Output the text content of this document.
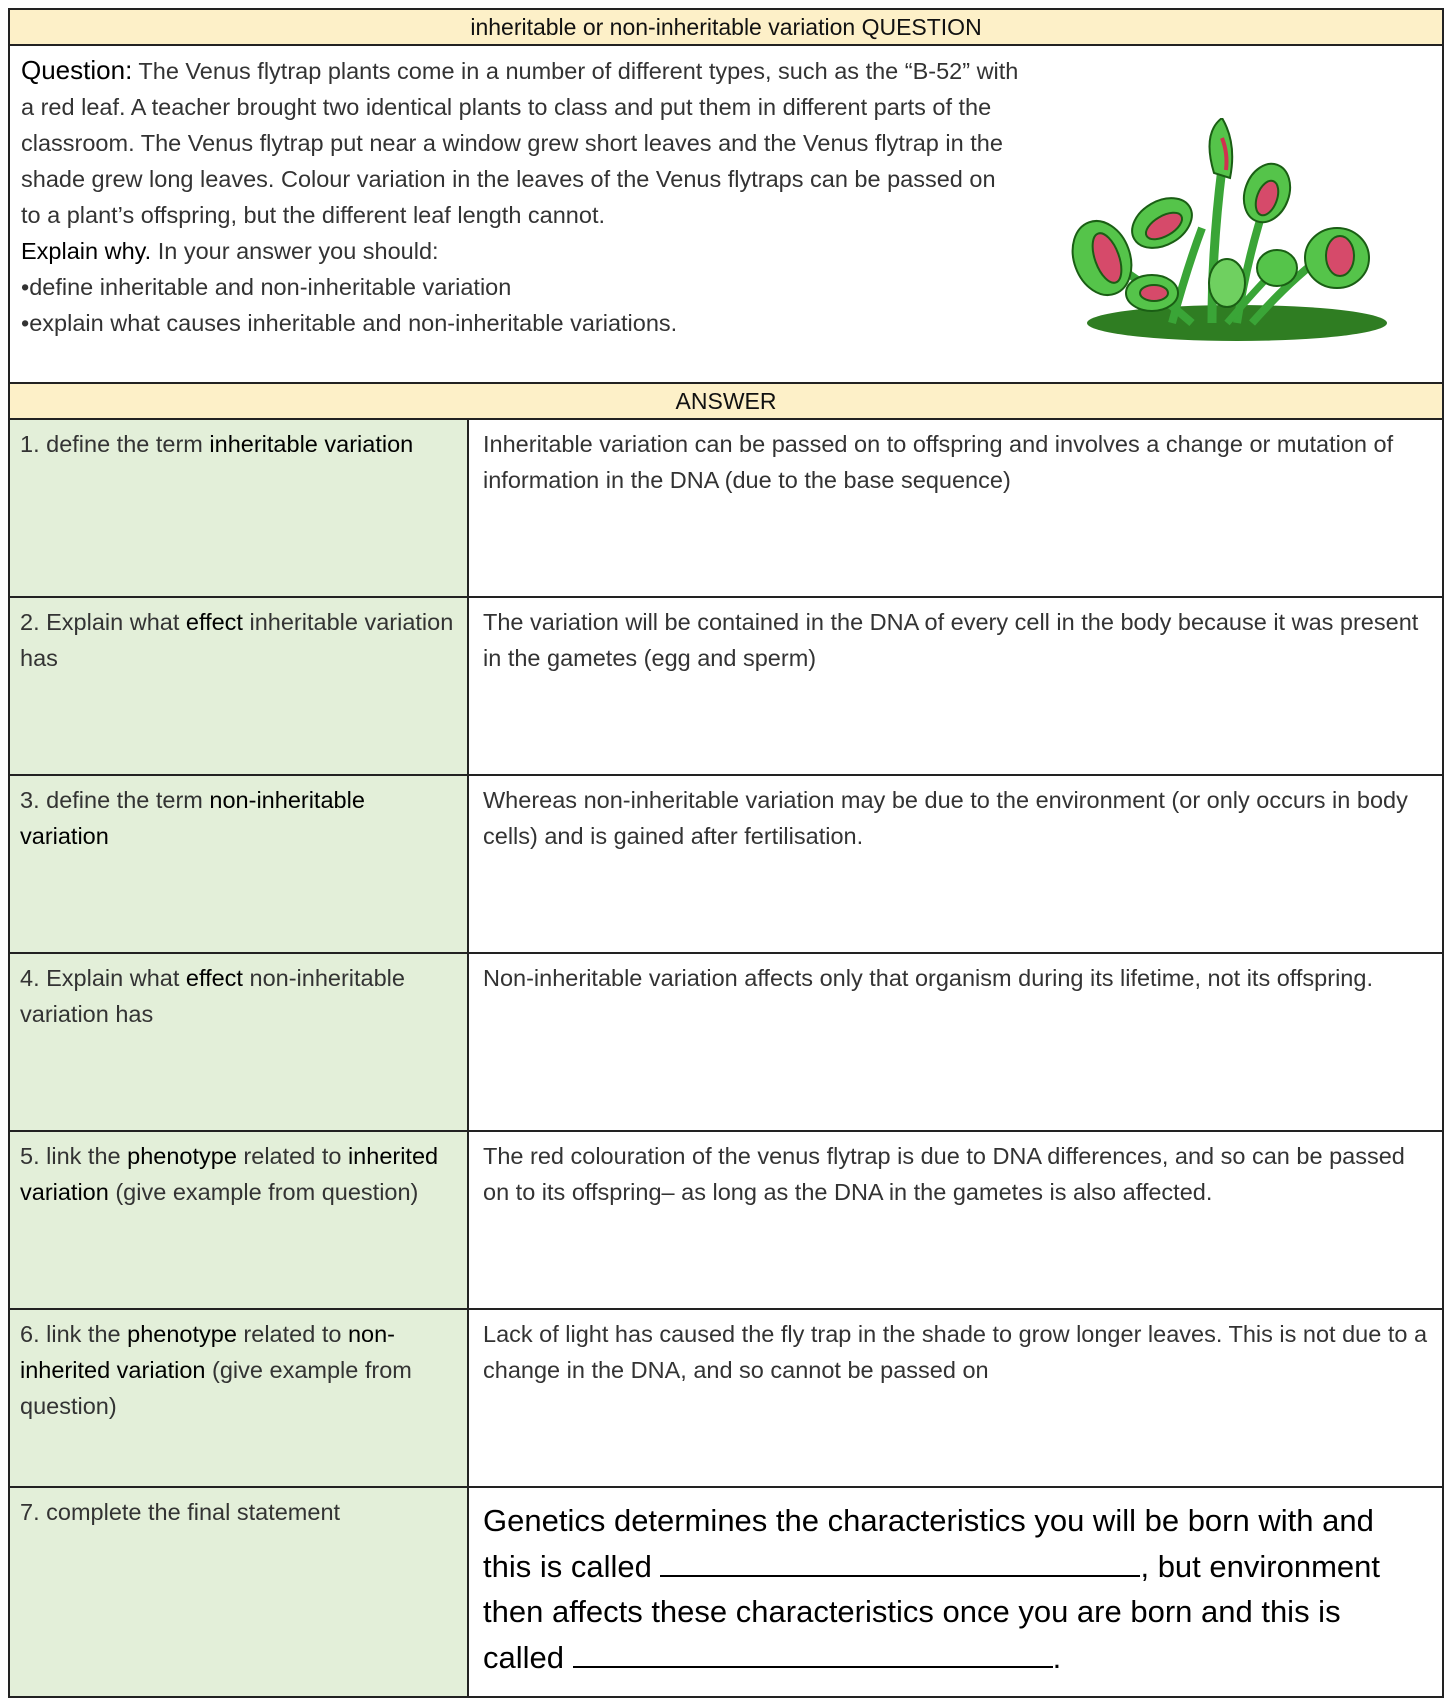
inheritable or non-inheritable variation QUESTION	

Question: The Venus flytrap plants come in a number of different types, such as the “B-52” with a red leaf. A teacher brought two identical plants to class and put them in different parts of the classroom. The Venus flytrap put near a window grew short leaves and the Venus flytrap in the shade grew long leaves. Colour variation in the leaves of the Venus flytraps can be passed on to a plant’s offspring, but the different leaf length cannot.
Explain why. In your answer you should:
•define inheritable and non-inheritable variation
•explain what causes inheritable and non-inheritable variations.	

ANSWER	
1. define the term inheritable variation	Inheritable variation can be passed on to offspring and involves a change or mutation of information in the DNA (due to the base sequence)
2. Explain what effect inheritable variation has	The variation will be contained in the DNA of every cell in the body because it was present in the gametes (egg and sperm)
3. define the term non-inheritable variation	Whereas non-inheritable variation may be due to the environment (or only occurs in body cells) and is gained after fertilisation.
4. Explain what effect non-inheritable variation has	Non-inheritable variation affects only that organism during its lifetime, not its offspring.
5. link the phenotype related to inherited variation (give example from question)	The red colouration of the venus flytrap is due to DNA differences, and so can be passed on to its offspring– as long as the DNA in the gametes is also affected.
6. link the phenotype related to non-inherited variation (give example from question)	Lack of light has caused the fly trap in the shade to grow longer leaves. This is not due to a change in the DNA, and so cannot be passed on
7. complete the final statement	Genetics determines the characteristics you will be born with and this is called , but environment then affects these characteristics once you are born and this is called .
